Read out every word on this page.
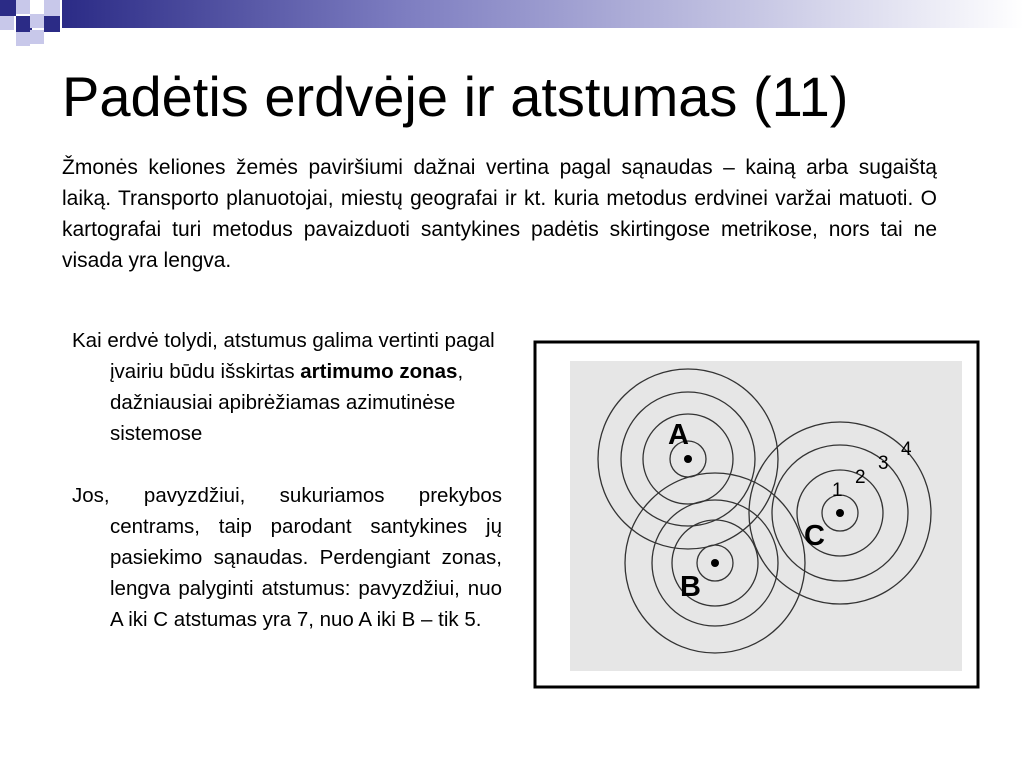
Padėtis erdvėje ir atstumas (11)

Žmonės keliones žemės paviršiumi dažnai vertina pagal sąnaudas – kainą arba sugaištą laiką. Transporto planuotojai, miestų geografai ir kt. kuria metodus erdvinei varžai matuoti. O kartografai turi metodus pavaizduoti santykines padėtis skirtingose metrikose, nors tai ne visada yra lengva.

Kai erdvė tolydi, atstumus galima vertinti pagal įvairiu būdu išskirtas artimumo zonas, dažniausiai apibrėžiamas azimutinėse sistemose

Jos, pavyzdžiui, sukuriamos prekybos centrams, taip parodant santykines jų pasiekimo sąnaudas. Perdengiant zonas, lengva palyginti atstumus: pavyzdžiui, nuo A iki C atstumas yra 7, nuo A iki B – tik 5.

A
B
C
1
2
3
4
